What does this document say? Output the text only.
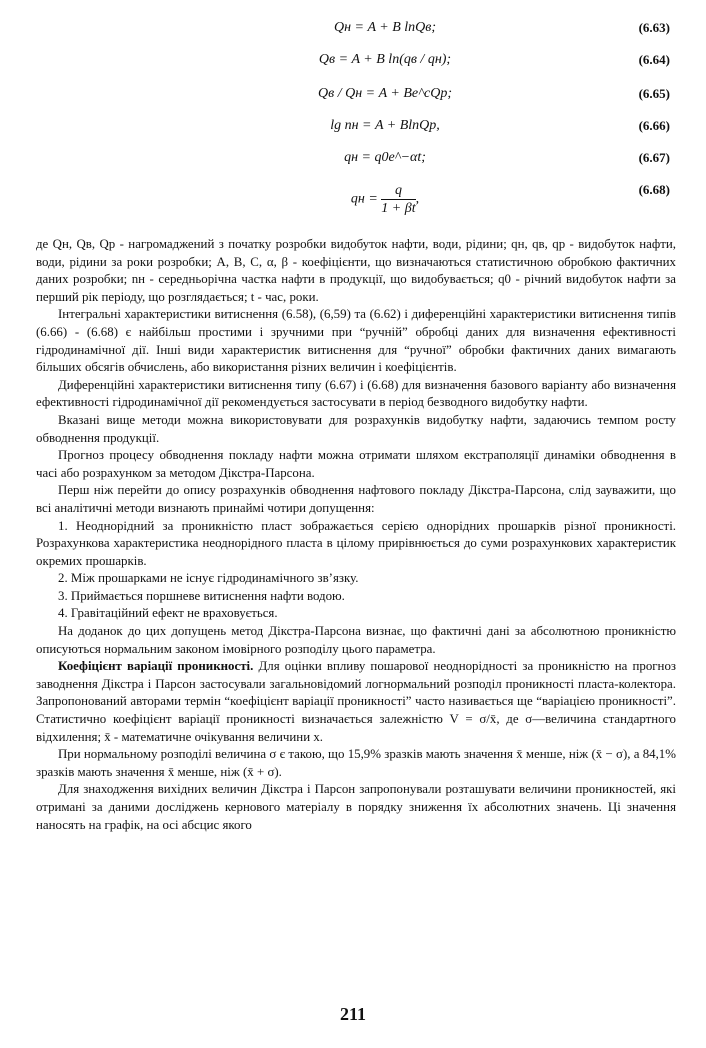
Qн = A + B lnQв;	(6.63)
Qв = A + B ln(qв / qн);	(6.64)
Qв / Qн = A + Be^cQр;	(6.65)
lg nн = A + BlnQр,	(6.66)
qн = q0e^−αt;	(6.67)
qн = $\frac{q}{1 + \beta t}$ ,
(6.68)

де Qн, Qв, Qр - нагромаджений з початку розробки видобуток нафти, води, рідини; qн, qв, qр - видобуток нафти, води, рідини за роки розробки; A, B, C, α, β - коефіцієнти, що визначаються статистичною обробкою фактичних даних розробки; nн - середньорічна частка нафти в продукції, що видобувається; q0 - річний видобуток нафти за перший рік періоду, що розглядається; t - час, роки.

Інтегральні характеристики витиснення (6.58), (6,59) та (6.62) і диференційні характеристики витиснення типів (6.66) - (6.68) є найбільш простими і зручними при “ручній” обробці даних для визначення ефективності гідродинамічної дії. Інші види характеристик витиснення для “ручної” обробки фактичних даних вимагають більших обсягів обчислень, або використання різних величин і коефіцієнтів.

Диференційні характеристики витиснення типу (6.67) і (6.68) для визначення базового варіанту або визначення ефективності гідродинамічної дії рекомендується застосувати в період безводного видобутку нафти.

Вказані вище методи можна використовувати для розрахунків видобутку нафти, задаючись темпом росту обводнення продукції.

Прогноз процесу обводнення покладу нафти можна отримати шляхом екстраполяції динаміки обводнення в часі або розрахунком за методом Дікстра-Парсона.

Перш ніж перейти до опису розрахунків обводнення нафтового покладу Дікстра-Парсона, слід зауважити, що всі аналітичні методи визнають принаймі чотири допущення:

1. Неоднорідний за проникністю пласт зображається серією однорідних прошарків різної проникності. Розрахункова характеристика неоднорідного пласта в цілому прирівнюється до суми розрахункових характеристик окремих прошарків.

2. Між прошарками не існує гідродинамічного зв’язку.

3. Приймається поршневе витиснення нафти водою.

4. Гравітаційний ефект не враховується.

На доданок до цих допущень метод Дікстра-Парсона визнає, що фактичні дані за абсолютною проникністю описуються нормальним законом імовірного розподілу цього параметра.

Коефіцієнт варіації проникності. Для оцінки впливу пошарової неоднорідності за проникністю на прогноз заводнення Дікстра і Парсон застосували загальновідомий логнормальний розподіл проникності пласта-колектора. Запропонований авторами термін “коефіцієнт варіації проникності” часто називається ще “варіацією проникності”. Статистично коефіцієнт варіації проникності визначається залежністю V = σ/x̄, де σ—величина стандартного відхилення; x̄ - математичне очікування величини x.

При нормальному розподілі величина σ є такою, що 15,9% зразків мають значення x̄ менше, ніж (x̄ − σ), а 84,1% зразків мають значення x̄ менше, ніж (x̄ + σ).

Для знаходження вихідних величин Дікстра і Парсон запропонували розташувати величини проникностей, які отримані за даними досліджень кернового матеріалу в порядку зниження їх абсолютних значень. Ці значення наносять на графік, на осі абсцис якого

211
